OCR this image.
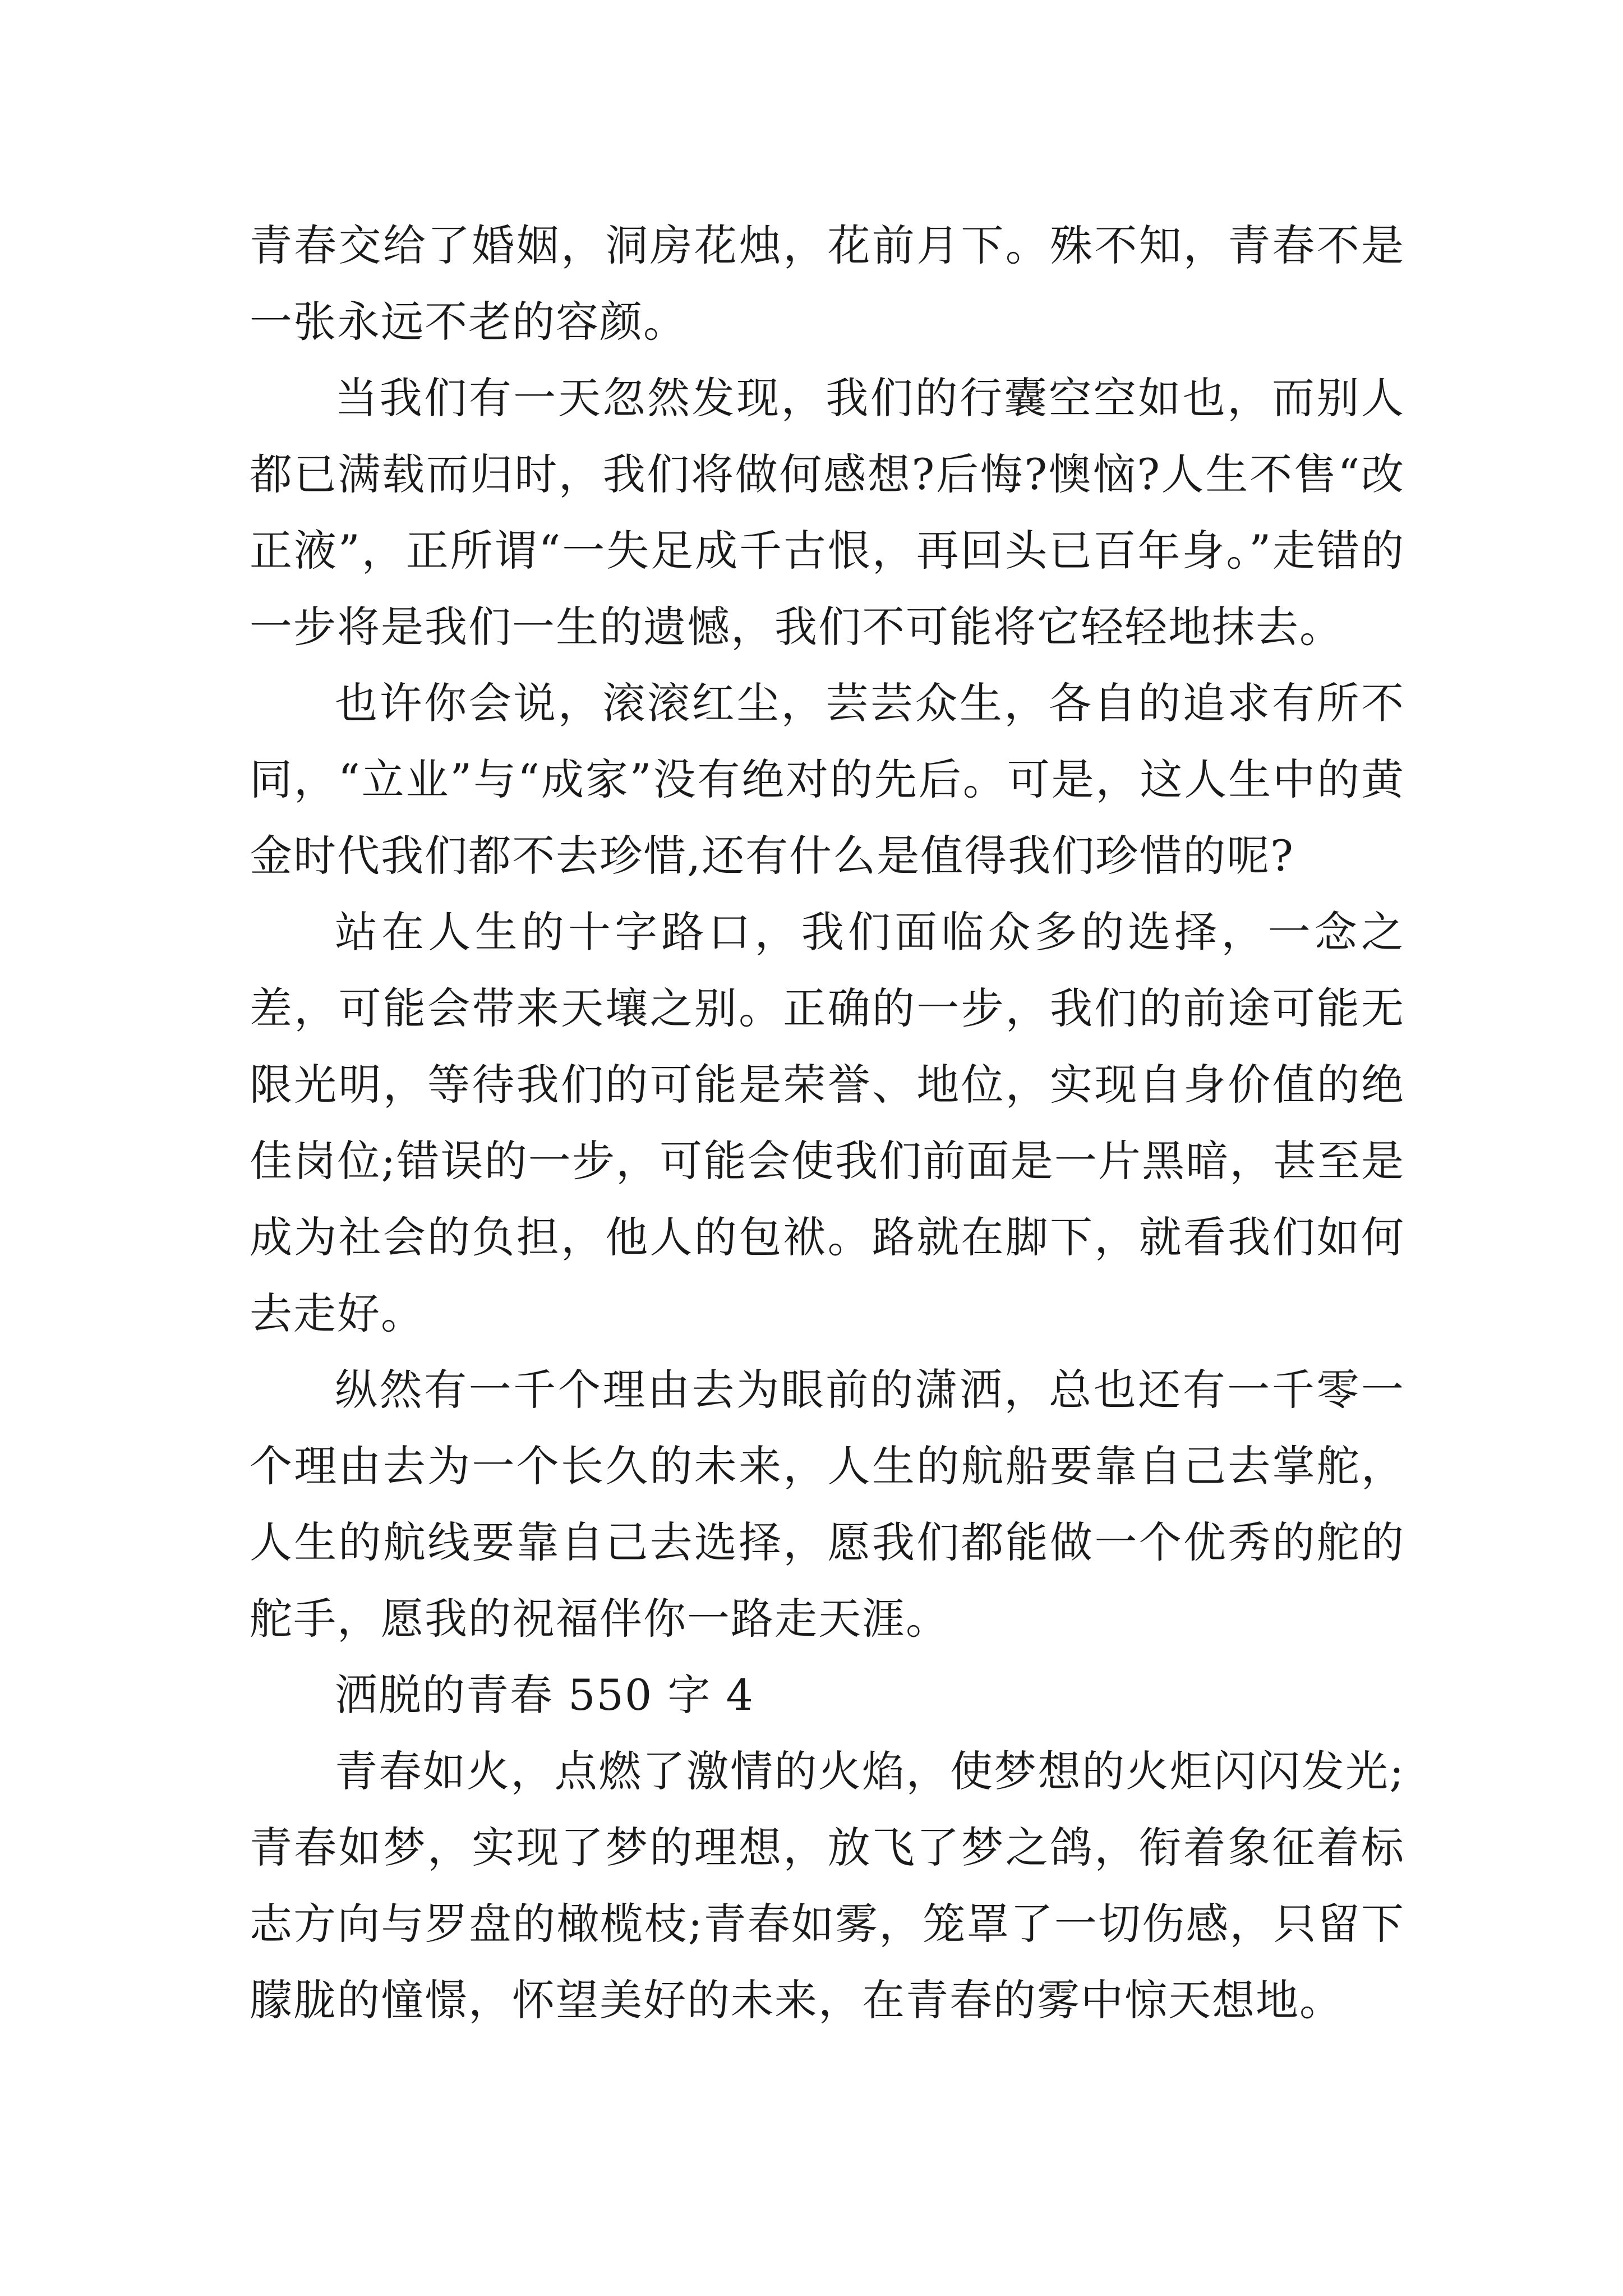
青春交给了婚姻，洞房花烛，花前月下。殊不知，青春不是一张永远不老的容颜。

当我们有一天忽然发现，我们的行囊空空如也，而别人都已满载而归时，我们将做何感想?后悔?懊恼?人生不售“改正液”，正所谓“一失足成千古恨，再回头已百年身。”走错的一步将是我们一生的遗憾，我们不可能将它轻轻地抹去。

也许你会说，滚滚红尘，芸芸众生，各自的追求有所不同，“立业”与“成家”没有绝对的先后。可是，这人生中的黄金时代我们都不去珍惜,还有什么是值得我们珍惜的呢?

站在人生的十字路口，我们面临众多的选择，一念之差，可能会带来天壤之别。正确的一步，我们的前途可能无限光明，等待我们的可能是荣誉、地位，实现自身价值的绝佳岗位;错误的一步，可能会使我们前面是一片黑暗，甚至是成为社会的负担，他人的包袱。路就在脚下，就看我们如何去走好。

纵然有一千个理由去为眼前的潇洒，总也还有一千零一个理由去为一个长久的未来，人生的航船要靠自己去掌舵，人生的航线要靠自己去选择，愿我们都能做一个优秀的舵的舵手，愿我的祝福伴你一路走天涯。

洒脱的青春 550 字 4

青春如火，点燃了激情的火焰，使梦想的火炬闪闪发光;青春如梦，实现了梦的理想，放飞了梦之鸽，衔着象征着标志方向与罗盘的橄榄枝;青春如雾，笼罩了一切伤感，只留下朦胧的憧憬，怀望美好的未来，在青春的雾中惊天想地。
